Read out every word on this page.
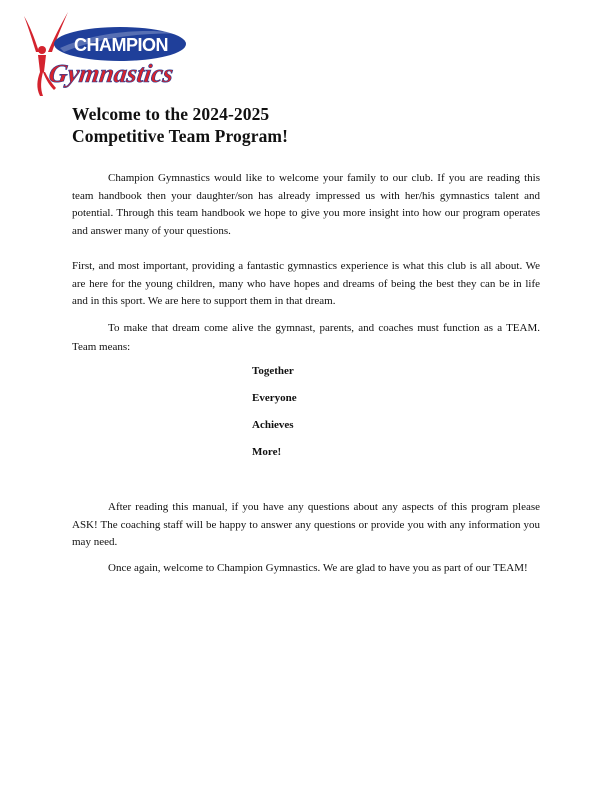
CHAMPION
Gymnastics
Welcome to the 2024-2025
Competitive Team Program!

Champion Gymnastics would like to welcome your family to our club. If you are reading this team handbook then your daughter/son has already impressed us with her/his gymnastics talent and potential. Through this team handbook we hope to give you more insight into how our program operates and answer many of your questions.

First, and most important, providing a fantastic gymnastics experience is what this club is all about. We are here for the young children, many who have hopes and dreams of being the best they can be in life and in this sport. We are here to support them in that dream.

To make that dream come alive the gymnast, parents, and coaches must function as a TEAM. Team means:

Together

Everyone

Achieves

More!

After reading this manual, if you have any questions about any aspects of this program please ASK! The coaching staff will be happy to answer any questions or provide you with any information you may need.

Once again, welcome to Champion Gymnastics. We are glad to have you as part of our TEAM!
